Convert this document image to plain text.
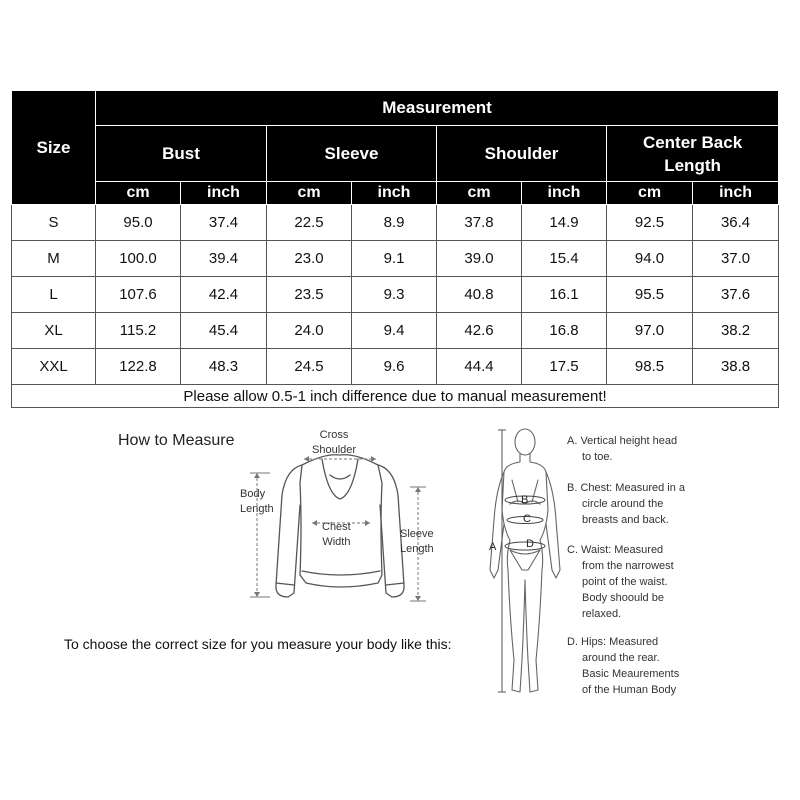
Size	Measurement							
	Bust		Sleeve		Shoulder		Center Back
Length	
	cm	inch	cm	inch	cm	inch	cm	inch
S	95.0	37.4	22.5	8.9	37.8	14.9	92.5	36.4
M	100.0	39.4	23.0	9.1	39.0	15.4	94.0	37.0
L	107.6	42.4	23.5	9.3	40.8	16.1	95.5	37.6
XL	115.2	45.4	24.0	9.4	42.6	16.8	97.0	38.2
XXL	122.8	48.3	24.5	9.6	44.4	17.5	98.5	38.8
Please allow 0.5-1 inch difference due to manual measurement!								
How to Measure	Cross
Shoulder
Body
Length
Chest
Width
Sleeve
Length
To choose the correct size for you measure your body like this:
A
B
C
D
A. Vertical height head
to toe.
B. Chest: Measured in a
circle around the
breasts and back.
C. Waist: Measured
from the narrowest
point of the waist.
Body shoould be
relaxed.
D. Hips: Measured
around the rear.
Basic Meaurements
of the Human Body
